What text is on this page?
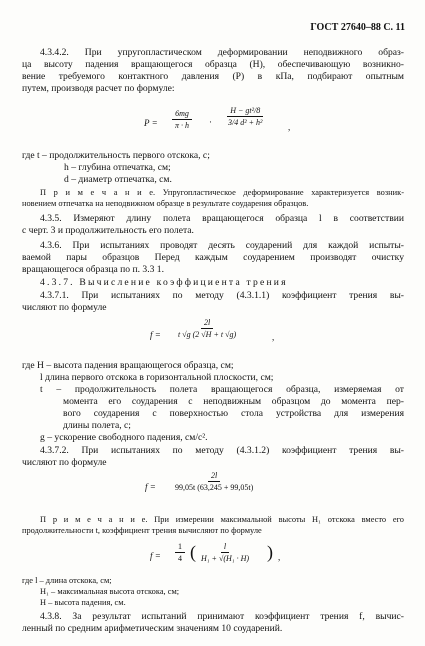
ГОСТ 27640–88 С. 11
4.3.4.2. При упругопластическом деформировании неподвижного образ-
ца высоту падения вращающегося образца (H), обеспечивающую возникно-
вение требуемого контактного давления (P) в кПа, подбирают опытным
путем, производя расчет по формуле:
$P = \frac{6mg}{\pi \cdot h} \cdot \frac{\text{H − gt²/8}}{\text{3/4 d² + h²}}$	,
где t – продолжительность первого отскока, с;
h – глубина отпечатка, см;
d – диаметр отпечатка, см.
П р и м е ч а н и е. Упругопластическое деформирование характеризуется возник-
новением отпечатка на неподвижном образце в результате соударения образцов.
4.3.5. Измеряют длину полета вращающегося образца l в соответствии
с черт. 3 и продолжительность его полета.
4.3.6. При испытаниях проводят десять соударений для каждой испыты-
ваемой пары образцов Перед каждым соударением производят очистку
вращающегося образца по п. 3.3 1.
4.3.7. Вычисление коэффициента трения
4.3.7.1. При испытаниях по методу (4.3.1.1) коэффициент трения вы-
числяют по формуле
$f = \frac{2l}{t √g (2 √H + t √g)}$	,
где H – высота падения вращающегося образца, см;
l длина первого отскока в горизонтальной плоскости, см;
t – продолжительность полета вращающегося образца, измеряемая от
момента его соударения с неподвижным образцом до момента пер-
вого соударения с поверхностью стола устройства для измерения
длины полета, с;
g – ускорение свободного падения, см/с².
4.3.7.2. При испытаниях по методу (4.3.1.2) коэффициент трения вы-
числяют по формуле
$f = \frac{2l}{99,05t (63,245 + 99,05t)}$
П р и м е ч а н и е. При измерении максимальной высоты H₁ отскока вместо его
продолжительности t, коэффициент трения вычисляют по формуле
$f = \frac{1}{4}$ ( $\frac{l}{\text{H₁ + √(H₁ · H)}}$ ) ,
где l – длина отскока, см;
H₁ – максимальная высота отскока, см;
H – высота падения, см.
4.3.8. За результат испытаний принимают коэффициент трения f, вычис-
ленный по средним арифметическим значениям 10 соударений.
